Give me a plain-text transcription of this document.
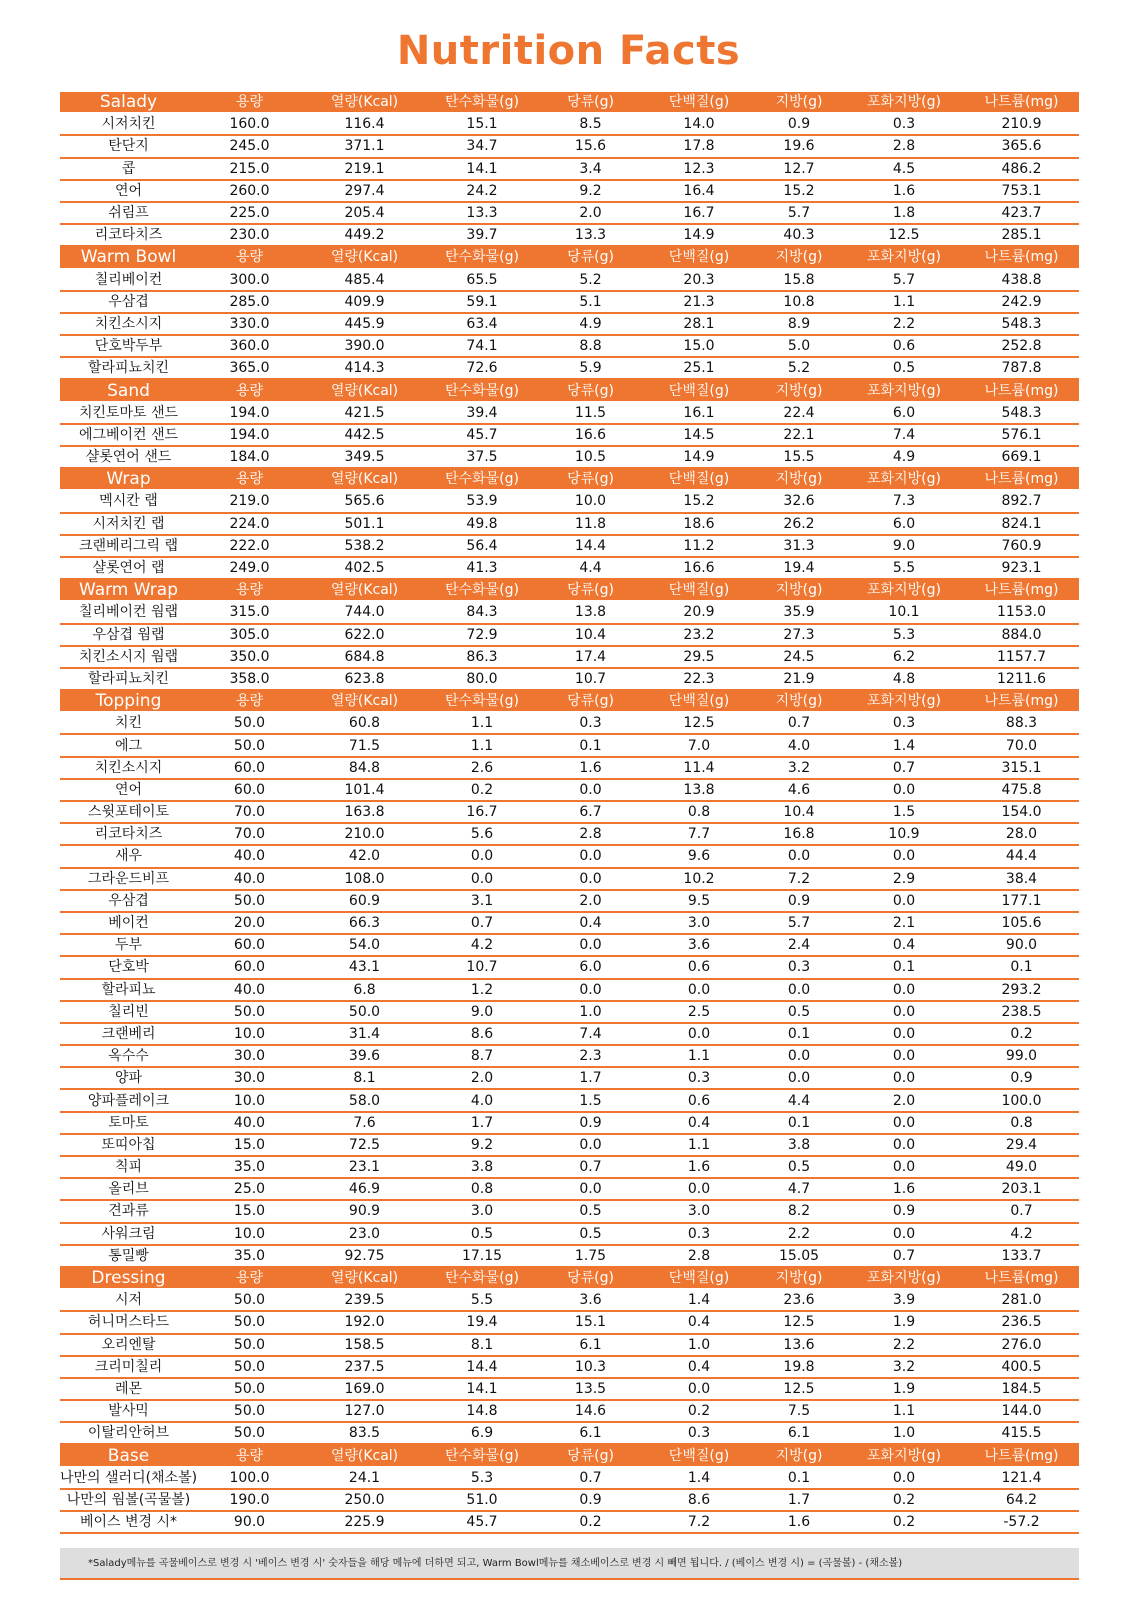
Nutrition Facts
Salady	용량	열량(Kcal)	탄수화물(g)	당류(g)	단백질(g)	지방(g)	포화지방(g)	나트륨(mg)
시저치킨	160.0	116.4	15.1	8.5	14.0	0.9	0.3	210.9
탄단지	245.0	371.1	34.7	15.6	17.8	19.6	2.8	365.6
콥	215.0	219.1	14.1	3.4	12.3	12.7	4.5	486.2
연어	260.0	297.4	24.2	9.2	16.4	15.2	1.6	753.1
쉬림프	225.0	205.4	13.3	2.0	16.7	5.7	1.8	423.7
리코타치즈	230.0	449.2	39.7	13.3	14.9	40.3	12.5	285.1
Warm Bowl	용량	열량(Kcal)	탄수화물(g)	당류(g)	단백질(g)	지방(g)	포화지방(g)	나트륨(mg)
칠리베이컨	300.0	485.4	65.5	5.2	20.3	15.8	5.7	438.8
우삼겹	285.0	409.9	59.1	5.1	21.3	10.8	1.1	242.9
치킨소시지	330.0	445.9	63.4	4.9	28.1	8.9	2.2	548.3
단호박두부	360.0	390.0	74.1	8.8	15.0	5.0	0.6	252.8
할라피뇨치킨	365.0	414.3	72.6	5.9	25.1	5.2	0.5	787.8
Sand	용량	열량(Kcal)	탄수화물(g)	당류(g)	단백질(g)	지방(g)	포화지방(g)	나트륨(mg)
치킨토마토 샌드	194.0	421.5	39.4	11.5	16.1	22.4	6.0	548.3
에그베이컨 샌드	194.0	442.5	45.7	16.6	14.5	22.1	7.4	576.1
샬롯연어 샌드	184.0	349.5	37.5	10.5	14.9	15.5	4.9	669.1
Wrap	용량	열량(Kcal)	탄수화물(g)	당류(g)	단백질(g)	지방(g)	포화지방(g)	나트륨(mg)
멕시칸 랩	219.0	565.6	53.9	10.0	15.2	32.6	7.3	892.7
시저치킨 랩	224.0	501.1	49.8	11.8	18.6	26.2	6.0	824.1
크랜베리그릭 랩	222.0	538.2	56.4	14.4	11.2	31.3	9.0	760.9
샬롯연어 랩	249.0	402.5	41.3	4.4	16.6	19.4	5.5	923.1
Warm Wrap	용량	열량(Kcal)	탄수화물(g)	당류(g)	단백질(g)	지방(g)	포화지방(g)	나트륨(mg)
칠리베이컨 웜랩	315.0	744.0	84.3	13.8	20.9	35.9	10.1	1153.0
우삼겹 웜랩	305.0	622.0	72.9	10.4	23.2	27.3	5.3	884.0
치킨소시지 웜랩	350.0	684.8	86.3	17.4	29.5	24.5	6.2	1157.7
할라피뇨치킨	358.0	623.8	80.0	10.7	22.3	21.9	4.8	1211.6
Topping	용량	열량(Kcal)	탄수화물(g)	당류(g)	단백질(g)	지방(g)	포화지방(g)	나트륨(mg)
치킨	50.0	60.8	1.1	0.3	12.5	0.7	0.3	88.3
에그	50.0	71.5	1.1	0.1	7.0	4.0	1.4	70.0
치킨소시지	60.0	84.8	2.6	1.6	11.4	3.2	0.7	315.1
연어	60.0	101.4	0.2	0.0	13.8	4.6	0.0	475.8
스윗포테이토	70.0	163.8	16.7	6.7	0.8	10.4	1.5	154.0
리코타치즈	70.0	210.0	5.6	2.8	7.7	16.8	10.9	28.0
새우	40.0	42.0	0.0	0.0	9.6	0.0	0.0	44.4
그라운드비프	40.0	108.0	0.0	0.0	10.2	7.2	2.9	38.4
우삼겹	50.0	60.9	3.1	2.0	9.5	0.9	0.0	177.1
베이컨	20.0	66.3	0.7	0.4	3.0	5.7	2.1	105.6
두부	60.0	54.0	4.2	0.0	3.6	2.4	0.4	90.0
단호박	60.0	43.1	10.7	6.0	0.6	0.3	0.1	0.1
할라피뇨	40.0	6.8	1.2	0.0	0.0	0.0	0.0	293.2
칠리빈	50.0	50.0	9.0	1.0	2.5	0.5	0.0	238.5
크랜베리	10.0	31.4	8.6	7.4	0.0	0.1	0.0	0.2
옥수수	30.0	39.6	8.7	2.3	1.1	0.0	0.0	99.0
양파	30.0	8.1	2.0	1.7	0.3	0.0	0.0	0.9
양파플레이크	10.0	58.0	4.0	1.5	0.6	4.4	2.0	100.0
토마토	40.0	7.6	1.7	0.9	0.4	0.1	0.0	0.8
또띠아칩	15.0	72.5	9.2	0.0	1.1	3.8	0.0	29.4
칙피	35.0	23.1	3.8	0.7	1.6	0.5	0.0	49.0
올리브	25.0	46.9	0.8	0.0	0.0	4.7	1.6	203.1
견과류	15.0	90.9	3.0	0.5	3.0	8.2	0.9	0.7
사워크림	10.0	23.0	0.5	0.5	0.3	2.2	0.0	4.2
통밀빵	35.0	92.75	17.15	1.75	2.8	15.05	0.7	133.7
Dressing	용량	열량(Kcal)	탄수화물(g)	당류(g)	단백질(g)	지방(g)	포화지방(g)	나트륨(mg)
시저	50.0	239.5	5.5	3.6	1.4	23.6	3.9	281.0
허니머스타드	50.0	192.0	19.4	15.1	0.4	12.5	1.9	236.5
오리엔탈	50.0	158.5	8.1	6.1	1.0	13.6	2.2	276.0
크리미칠리	50.0	237.5	14.4	10.3	0.4	19.8	3.2	400.5
레몬	50.0	169.0	14.1	13.5	0.0	12.5	1.9	184.5
발사믹	50.0	127.0	14.8	14.6	0.2	7.5	1.1	144.0
이탈리안허브	50.0	83.5	6.9	6.1	0.3	6.1	1.0	415.5
Base	용량	열량(Kcal)	탄수화물(g)	당류(g)	단백질(g)	지방(g)	포화지방(g)	나트륨(mg)
나만의 샐러디(채소볼)	100.0	24.1	5.3	0.7	1.4	0.1	0.0	121.4
나만의 웜볼(곡물볼)	190.0	250.0	51.0	0.9	8.6	1.7	0.2	64.2
베이스 변경 시*	90.0	225.9	45.7	0.2	7.2	1.6	0.2	-57.2
*Salady메뉴를 곡물베이스로 변경 시 '베이스 변경 시' 숫자들을 해당 메뉴에 더하면 되고, Warm Bowl메뉴를 채소베이스로 변경 시 빼면 됩니다. / (베이스 변경 시) = (곡물볼) - (채소볼)
